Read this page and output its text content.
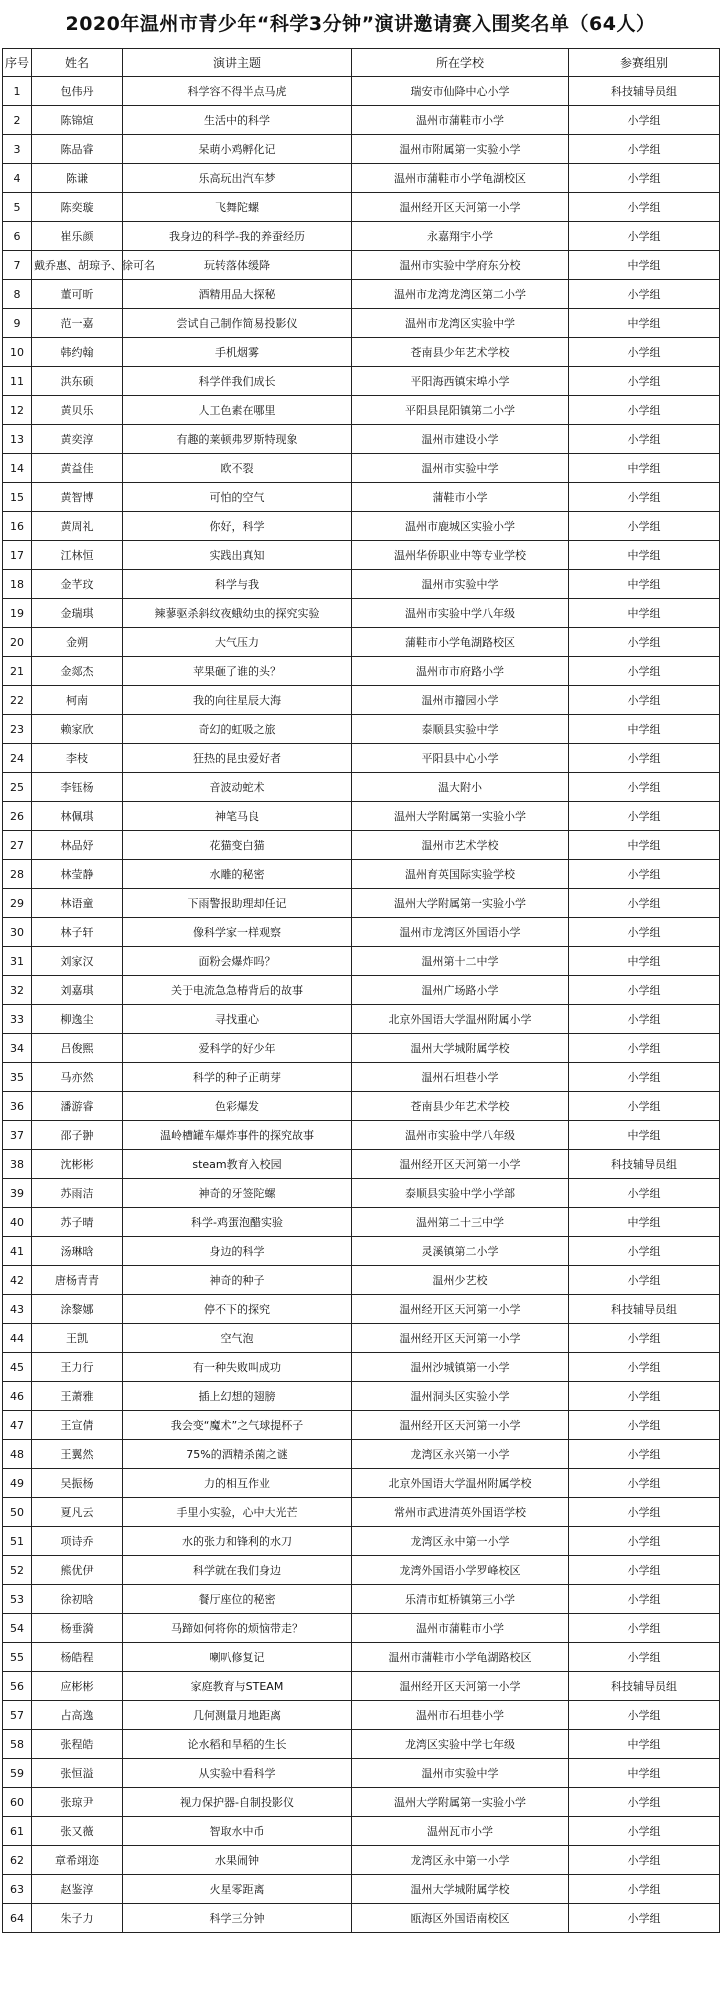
2020年温州市青少年“科学3分钟”演讲邀请赛入围奖名单（64人）
序号	姓名	演讲主题	所在学校	参赛组别
1	包伟丹	科学容不得半点马虎	瑞安市仙降中心小学	科技辅导员组
2	陈锦煊	生活中的科学	温州市蒲鞋市小学	小学组
3	陈品睿	呆萌小鸡孵化记	温州市附属第一实验小学	小学组
4	陈谦	乐高玩出汽车梦	温州市蒲鞋市小学龟湖校区	小学组
5	陈奕璇	飞舞陀螺	温州经开区天河第一小学	小学组
6	崔乐颜	我身边的科学-我的养蚕经历	永嘉翔宇小学	小学组
7	戴乔惠、胡琼予、徐可名	玩转落体缓降	温州市实验中学府东分校	中学组
8	董可昕	酒精用品大探秘	温州市龙湾龙湾区第二小学	小学组
9	范一嘉	尝试自己制作简易投影仪	温州市龙湾区实验中学	中学组
10	韩约翰	手机烟雾	苍南县少年艺术学校	小学组
11	洪东硕	科学伴我们成长	平阳海西镇宋埠小学	小学组
12	黄贝乐	人工色素在哪里	平阳县昆阳镇第二小学	小学组
13	黄奕淳	有趣的莱顿弗罗斯特现象	温州市建设小学	小学组
14	黄益佳	欧不裂	温州市实验中学	中学组
15	黄智博	可怕的空气	蒲鞋市小学	小学组
16	黄周礼	你好，科学	温州市鹿城区实验小学	小学组
17	江林恒	实践出真知	温州华侨职业中等专业学校	中学组
18	金芊玟	科学与我	温州市实验中学	中学组
19	金瑞琪	辣蓼驱杀斜纹夜蛾幼虫的探究实验	温州市实验中学八年级	中学组
20	金朔	大气压力	蒲鞋市小学龟湖路校区	小学组
21	金郯杰	苹果砸了谁的头？	温州市市府路小学	小学组
22	柯南	我的向往星辰大海	温州市籀园小学	小学组
23	赖家欣	奇幻的虹吸之旅	泰顺县实验中学	中学组
24	李枝	狂热的昆虫爱好者	平阳县中心小学	小学组
25	李钰杨	音波动蛇术	温大附小	小学组
26	林佩琪	神笔马良	温州大学附属第一实验小学	小学组
27	林品妤	花猫变白猫	温州市艺术学校	中学组
28	林莹静	水雕的秘密	温州育英国际实验学校	小学组
29	林语童	下雨警报助理却任记	温州大学附属第一实验小学	小学组
30	林子轩	像科学家一样观察	温州市龙湾区外国语小学	小学组
31	刘家汉	面粉会爆炸吗？	温州第十二中学	中学组
32	刘嘉琪	关于电流急急椿背后的故事	温州广场路小学	小学组
33	柳逸尘	寻找重心	北京外国语大学温州附属小学	小学组
34	吕俊熙	爱科学的好少年	温州大学城附属学校	小学组
35	马亦然	科学的种子正萌芽	温州石坦巷小学	小学组
36	潘游睿	色彩爆发	苍南县少年艺术学校	小学组
37	邵子翀	温岭槽罐车爆炸事件的探究故事	温州市实验中学八年级	中学组
38	沈彬彬	steam教育入校园	温州经开区天河第一小学	科技辅导员组
39	苏雨洁	神奇的牙签陀螺	泰顺县实验中学小学部	小学组
40	苏子晴	科学-鸡蛋泡醋实验	温州第二十三中学	中学组
41	汤琳晗	身边的科学	灵溪镇第二小学	小学组
42	唐杨青青	神奇的种子	温州少艺校	小学组
43	涂黎娜	停不下的探究	温州经开区天河第一小学	科技辅导员组
44	王凯	空气泡	温州经开区天河第一小学	小学组
45	王力行	有一种失败叫成功	温州沙城镇第一小学	小学组
46	王萧雅	插上幻想的翅膀	温州洞头区实验小学	小学组
47	王宣倩	我会变“魔术”之气球提杯子	温州经开区天河第一小学	小学组
48	王翼然	75%的酒精杀菌之谜	龙湾区永兴第一小学	小学组
49	吴振杨	力的相互作业	北京外国语大学温州附属学校	小学组
50	夏凡云	手里小实验，心中大光芒	常州市武进清英外国语学校	小学组
51	项诗乔	水的张力和锋利的水刀	龙湾区永中第一小学	小学组
52	熊优伊	科学就在我们身边	龙湾外国语小学罗峰校区	小学组
53	徐初晗	餐厅座位的秘密	乐清市虹桥镇第三小学	小学组
54	杨垂漪	马蹄如何将你的烦恼带走？	温州市蒲鞋市小学	小学组
55	杨皓程	喇叭修复记	温州市蒲鞋市小学龟湖路校区	小学组
56	应彬彬	家庭教育与STEAM	温州经开区天河第一小学	科技辅导员组
57	占高逸	几何测量月地距离	温州市石坦巷小学	小学组
58	张程皓	论水稻和旱稻的生长	龙湾区实验中学七年级	中学组
59	张恒溢	从实验中看科学	温州市实验中学	中学组
60	张琼尹	视力保护器-自制投影仪	温州大学附属第一实验小学	小学组
61	张又薇	智取水中币	温州瓦市小学	小学组
62	章希翊迩	水果闹钟	龙湾区永中第一小学	小学组
63	赵鉴淳	火星零距离	温州大学城附属学校	小学组
64	朱子力	科学三分钟	瓯海区外国语南校区	小学组
